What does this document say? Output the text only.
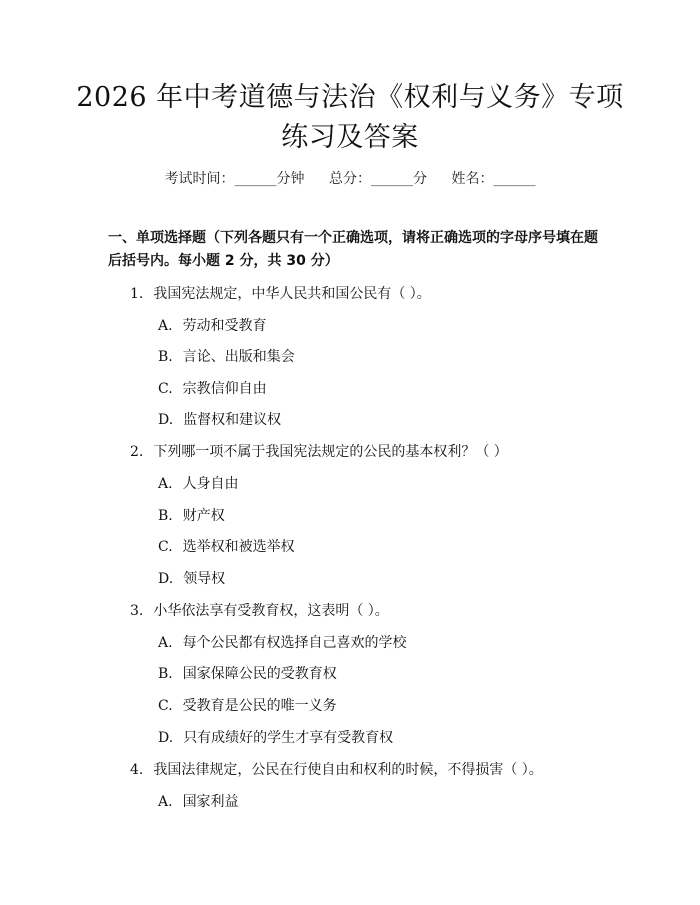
2026 年中考道德与法治《权利与义务》专项
练习及答案
考试时间：______分钟 总分：______分 姓名：______
一、单项选择题（下列各题只有一个正确选项，请将正确选项的字母序号填在题后括号内。每小题 2 分，共 30 分）
1. 我国宪法规定，中华人民共和国公民有（ ）。
A. 劳动和受教育
B. 言论、出版和集会
C. 宗教信仰自由
D. 监督权和建议权
2. 下列哪一项不属于我国宪法规定的公民的基本权利？（ ）
A. 人身自由
B. 财产权
C. 选举权和被选举权
D. 领导权
3. 小华依法享有受教育权，这表明（ ）。
A. 每个公民都有权选择自己喜欢的学校
B. 国家保障公民的受教育权
C. 受教育是公民的唯一义务
D. 只有成绩好的学生才享有受教育权
4. 我国法律规定，公民在行使自由和权利的时候，不得损害（ ）。
A. 国家利益
